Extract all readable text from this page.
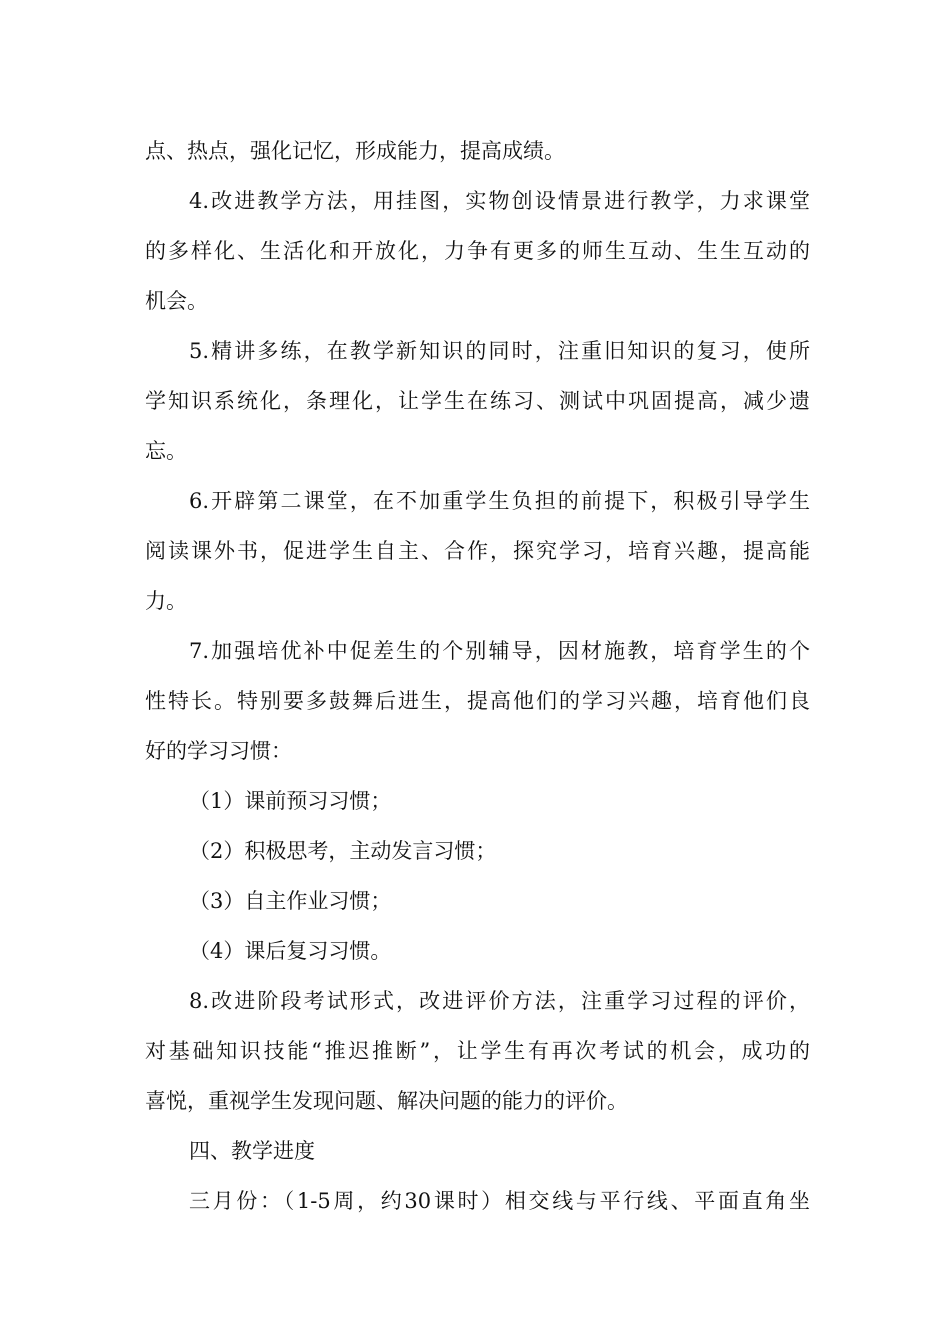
点、热点，强化记忆，形成能力，提高成绩。
4.改进教学方法，用挂图，实物创设情景进行教学，力求课堂
的多样化、生活化和开放化，力争有更多的师生互动、生生互动的
机会。
5.精讲多练，在教学新知识的同时，注重旧知识的复习，使所
学知识系统化，条理化，让学生在练习、测试中巩固提高，减少遗
忘。
6.开辟第二课堂，在不加重学生负担的前提下，积极引导学生
阅读课外书，促进学生自主、合作，探究学习，培育兴趣，提高能
力。
7.加强培优补中促差生的个别辅导，因材施教，培育学生的个
性特长。特别要多鼓舞后进生，提高他们的学习兴趣，培育他们良
好的学习习惯：
（1）课前预习习惯；
（2）积极思考，主动发言习惯；
（3）自主作业习惯；
（4）课后复习习惯。
8.改进阶段考试形式，改进评价方法，注重学习过程的评价，
对基础知识技能“推迟推断”，让学生有再次考试的机会，成功的
喜悦，重视学生发现问题、解决问题的能力的评价。
四、教学进度
三月份：（1-5周，约30课时）相交线与平行线、平面直角坐
